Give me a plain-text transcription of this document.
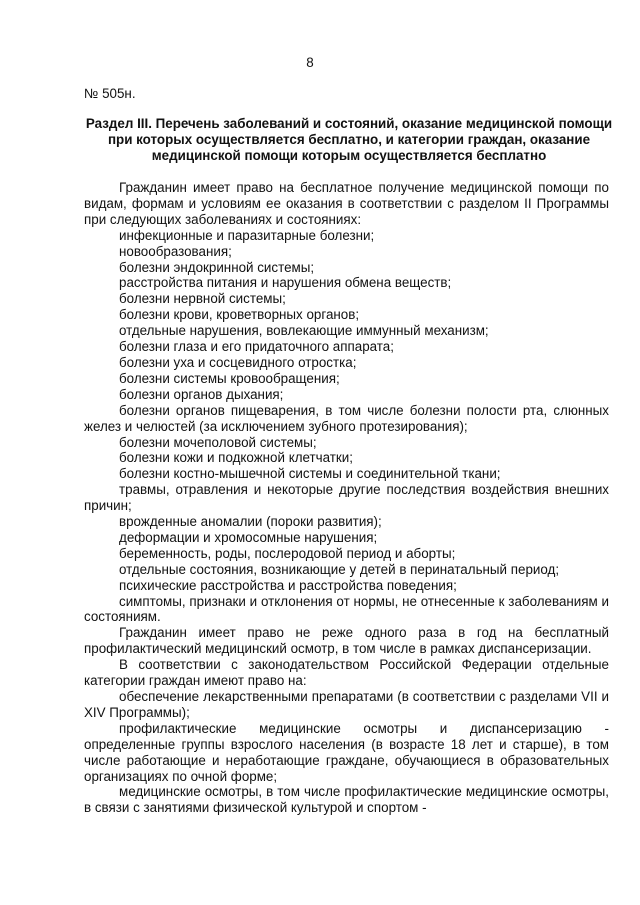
8
№ 505н.
Раздел III. Перечень заболеваний и состояний, оказание медицинской помощи при которых осуществляется бесплатно, и категории граждан, оказание медицинской помощи которым осуществляется бесплатно

Гражданин имеет право на бесплатное получение медицинской помощи по видам, формам и условиям ее оказания в соответствии с разделом II Программы при следующих заболеваниях и состояниях:

инфекционные и паразитарные болезни;

новообразования;

болезни эндокринной системы;

расстройства питания и нарушения обмена веществ;

болезни нервной системы;

болезни крови, кроветворных органов;

отдельные нарушения, вовлекающие иммунный механизм;

болезни глаза и его придаточного аппарата;

болезни уха и сосцевидного отростка;

болезни системы кровообращения;

болезни органов дыхания;

болезни органов пищеварения, в том числе болезни полости рта, слюнных желез и челюстей (за исключением зубного протезирования);

болезни мочеполовой системы;

болезни кожи и подкожной клетчатки;

болезни костно-мышечной системы и соединительной ткани;

травмы, отравления и некоторые другие последствия воздействия внешних причин;

врожденные аномалии (пороки развития);

деформации и хромосомные нарушения;

беременность, роды, послеродовой период и аборты;

отдельные состояния, возникающие у детей в перинатальный период;

психические расстройства и расстройства поведения;

симптомы, признаки и отклонения от нормы, не отнесенные к заболеваниям и состояниям.

Гражданин имеет право не реже одного раза в год на бесплатный профилактический медицинский осмотр, в том числе в рамках диспансеризации.

В соответствии с законодательством Российской Федерации отдельные категории граждан имеют право на:

обеспечение лекарственными препаратами (в соответствии с разделами VII и XIV Программы);

профилактические медицинские осмотры и диспансеризацию - определенные группы взрослого населения (в возрасте 18 лет и старше), в том числе работающие и неработающие граждане, обучающиеся в образовательных организациях по очной форме;

медицинские осмотры, в том числе профилактические медицинские осмотры, в связи с занятиями физической культурой и спортом -
